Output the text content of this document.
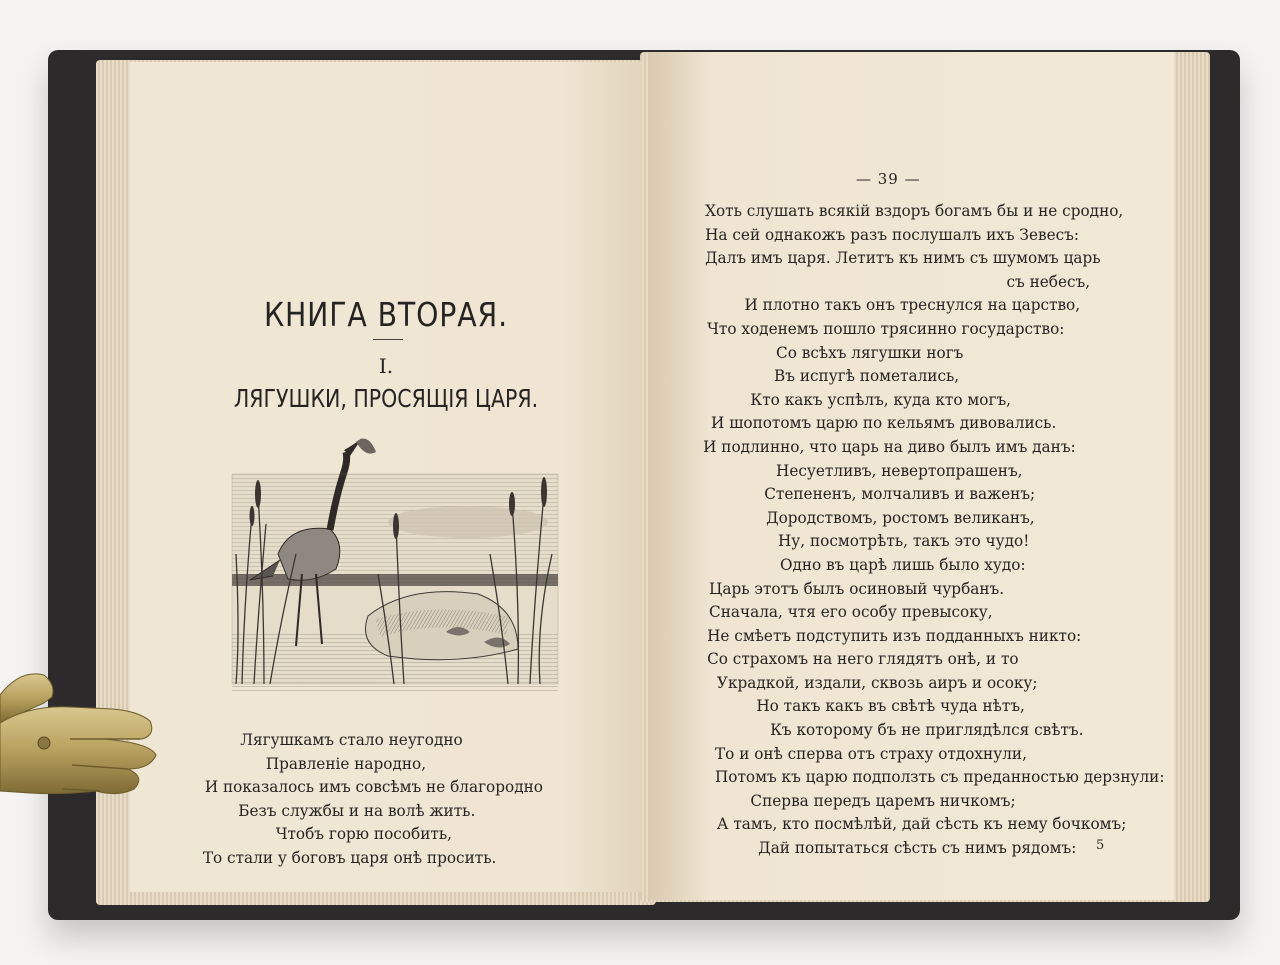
КНИГА ВТОРАЯ.
I.
ЛЯГУШКИ, ПРОСЯЩІЯ ЦАРЯ.
Лягушкамъ стало неугодно
Правленіе народно,
И показалось имъ совсѣмъ не благородно
Безъ службы и на волѣ жить.
Чтобъ горю пособить,
То стали у боговъ царя онѣ просить.
— 39 —
Хоть слушать всякій вздоръ богамъ бы и не сродно,
На сей однакожъ разъ послушалъ ихъ Зевесъ:
Далъ имъ царя. Летитъ къ нимъ съ шумомъ царь
съ небесъ,
И плотно такъ онъ треснулся на царство,
Что ходенемъ пошло трясинно государство:
Со всѣхъ лягушки ногъ
Въ испугѣ пометались,
Кто какъ успѣлъ, куда кто могъ,
И шопотомъ царю по кельямъ дивовались.
И подлинно, что царь на диво былъ имъ данъ:
Несуетливъ, невертопрашенъ,
Степененъ, молчаливъ и важенъ;
Дородствомъ, ростомъ великанъ,
Ну, посмотрѣть, такъ это чудо!
Одно въ царѣ лишь было худо:
Царь этотъ былъ осиновый чурбанъ.
Сначала, чтя его особу превысоку,
Не смѣетъ подступить изъ подданныхъ никто:
Со страхомъ на него глядятъ онѣ, и то
Украдкой, издали, сквозь аиръ и осоку;
Но такъ какъ въ свѣтѣ чуда нѣтъ,
Къ которому бъ не приглядѣлся свѣтъ.
То и онѣ сперва отъ страху отдохнули,
Потомъ къ царю подползть съ преданностью дерзнули:
Сперва передъ царемъ ничкомъ;
А тамъ, кто посмѣлѣй, дай сѣсть къ нему бочкомъ;
Дай попытаться сѣсть съ нимъ рядомъ:	5
